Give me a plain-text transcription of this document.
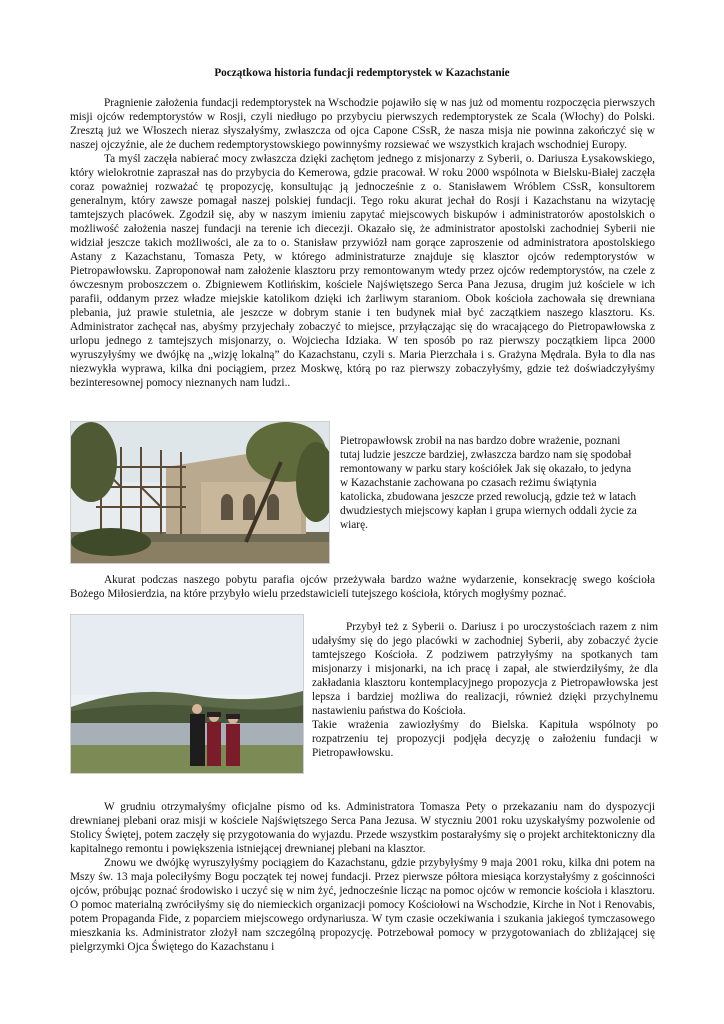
Początkowa historia fundacji redemptorystek w Kazachstanie

Pragnienie założenia fundacji redemptorystek na Wschodzie pojawiło się w nas już od momentu rozpoczęcia pierwszych misji ojców redemptorystów w Rosji, czyli niedługo po przybyciu pierwszych redemptorystek ze Scala (Włochy) do Polski. Zresztą już we Włoszech nieraz słyszałyśmy, zwłaszcza od ojca Capone CSsR, że nasza misja nie powinna zakończyć się w naszej ojczyźnie, ale że duchem redemptorystowskiego powinnyśmy rozsiewać we wszystkich krajach wschodniej Europy.

Ta myśl zaczęła nabierać mocy zwłaszcza dzięki zachętom jednego z misjonarzy z Syberii, o. Dariusza Łysakowskiego, który wielokrotnie zapraszał nas do przybycia do Kemerowa, gdzie pracował. W roku 2000 wspólnota w Bielsku-Białej zaczęła coraz poważniej rozważać tę propozycję, konsultując ją jednocześnie z o. Stanisławem Wróblem CSsR, konsultorem generalnym, który zawsze pomagał naszej polskiej fundacji. Tego roku akurat jechał do Rosji i Kazachstanu na wizytację tamtejszych placówek. Zgodził się, aby w naszym imieniu zapytać miejscowych biskupów i administratorów apostolskich o możliwość założenia naszej fundacji na terenie ich diecezji. Okazało się, że administrator apostolski zachodniej Syberii nie widział jeszcze takich możliwości, ale za to o. Stanisław przywiózł nam gorące zaproszenie od administratora apostolskiego Astany z Kazachstanu, Tomasza Pety, w którego administraturze znajduje się klasztor ojców redemptorystów w Pietropawłowsku. Zaproponował nam założenie klasztoru przy remontowanym wtedy przez ojców redemptorystów, na czele z ówczesnym proboszczem o. Zbigniewem Kotlińskim, kościele Najświętszego Serca Pana Jezusa, drugim już kościele w ich parafii, oddanym przez władze miejskie katolikom dzięki ich żarliwym staraniom. Obok kościoła zachowała się drewniana plebania, już prawie stuletnia, ale jeszcze w dobrym stanie i ten budynek miał być zaczątkiem naszego klasztoru. Ks. Administrator zachęcał nas, abyśmy przyjechały zobaczyć to miejsce, przyłączając się do wracającego do Pietropawłowska z urlopu jednego z tamtejszych misjonarzy, o. Wojciecha Idziaka. W ten sposób po raz pierwszy początkiem lipca 2000 wyruszyłyśmy we dwójkę na „wizję lokalną” do Kazachstanu, czyli s. Maria Pierzchała i s. Grażyna Mędrala. Była to dla nas niezwykła wyprawa, kilka dni pociągiem, przez Moskwę, którą po raz pierwszy zobaczyłyśmy, gdzie też doświadczyłyśmy bezinteresownej pomocy nieznanych nam ludzi..

Pietropawłowsk zrobił na nas bardzo dobre wrażenie, poznani tutaj ludzie jeszcze bardziej, zwłaszcza bardzo nam się spodobał remontowany w parku stary kościółek Jak się okazało, to jedyna w Kazachstanie zachowana po czasach reżimu świątynia katolicka, zbudowana jeszcze przed rewolucją, gdzie też w latach dwudziestych miejscowy kapłan i grupa wiernych oddali życie za wiarę.

Akurat podczas naszego pobytu parafia ojców przeżywała bardzo ważne wydarzenie, konsekrację swego kościoła Bożego Miłosierdzia, na które przybyło wielu przedstawicieli tutejszego kościoła, których mogłyśmy poznać.

Przybył też z Syberii o. Dariusz i po uroczystościach razem z nim udałyśmy się do jego placówki w zachodniej Syberii, aby zobaczyć życie tamtejszego Kościoła. Z podziwem patrzyłyśmy na spotkanych tam misjonarzy i misjonarki, na ich pracę i zapał, ale stwierdziłyśmy, że dla zakładania klasztoru kontemplacyjnego propozycja z Pietropawłowska jest lepsza i bardziej możliwa do realizacji, również dzięki przychylnemu nastawieniu państwa do Kościoła.

Takie wrażenia zawiozłyśmy do Bielska. Kapituła wspólnoty po rozpatrzeniu tej propozycji podjęła decyzję o założeniu fundacji w Pietropawłowsku.

W grudniu otrzymałyśmy oficjalne pismo od ks. Administratora Tomasza Pety o przekazaniu nam do dyspozycji drewnianej plebani oraz misji w kościele Najświętszego Serca Pana Jezusa. W styczniu 2001 roku uzyskałyśmy pozwolenie od Stolicy Świętej, potem zaczęły się przygotowania do wyjazdu. Przede wszystkim postarałyśmy się o projekt architektoniczny dla kapitalnego remontu i powiększenia istniejącej drewnianej plebani na klasztor.

Znowu we dwójkę wyruszyłyśmy pociągiem do Kazachstanu, gdzie przybyłyśmy 9 maja 2001 roku, kilka dni potem na Mszy św. 13 maja poleciłyśmy Bogu początek tej nowej fundacji. Przez pierwsze półtora miesiąca korzystałyśmy z gościnności ojców, próbując poznać środowisko i uczyć się w nim żyć, jednocześnie licząc na pomoc ojców w remoncie kościoła i klasztoru. O pomoc materialną zwróciłyśmy się do niemieckich organizacji pomocy Kościołowi na Wschodzie, Kirche in Not i Renovabis, potem Propaganda Fide, z poparciem miejscowego ordynariusza. W tym czasie oczekiwania i szukania jakiegoś tymczasowego mieszkania ks. Administrator złożył nam szczególną propozycję. Potrzebował pomocy w przygotowaniach do zbliżającej się pielgrzymki Ojca Świętego do Kazachstanu i
